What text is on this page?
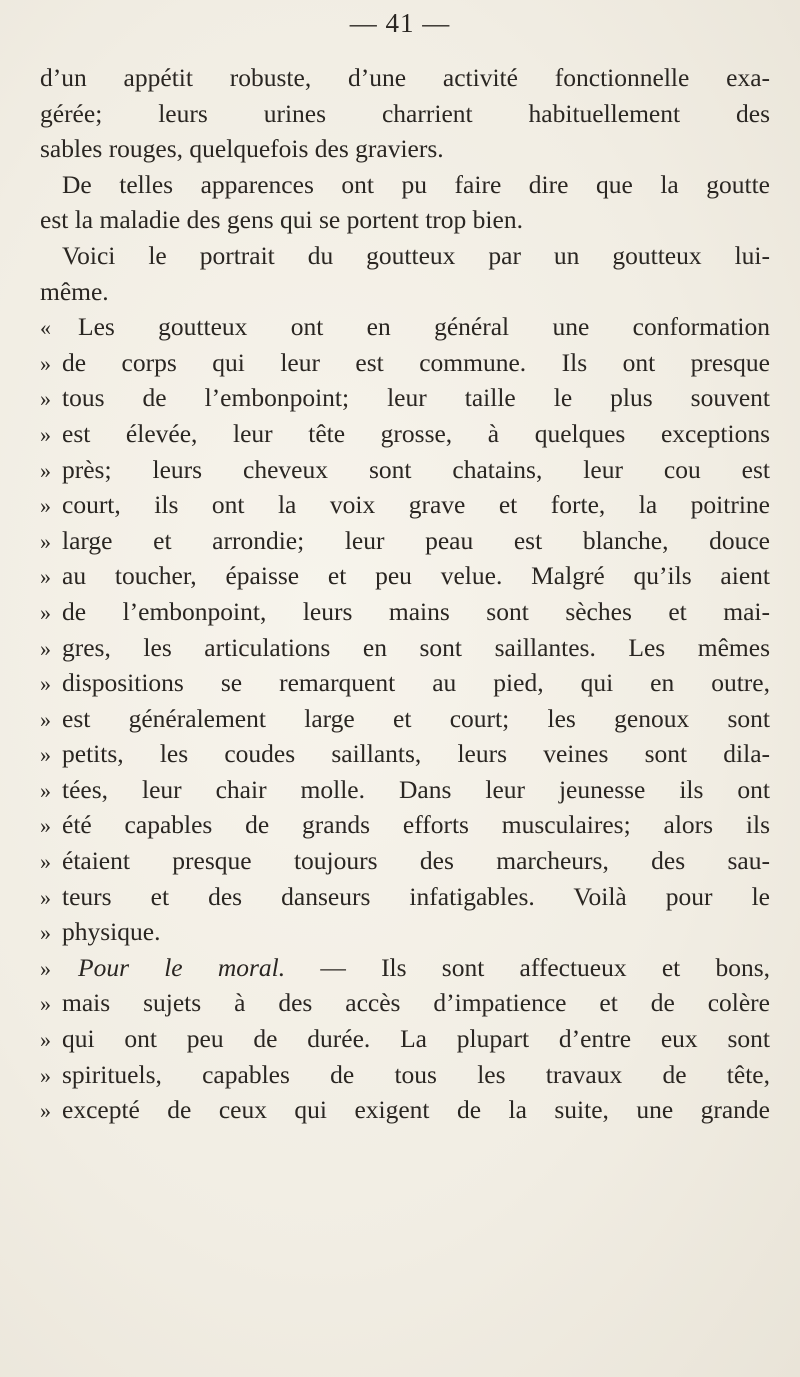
— 41 —
d’un appétit robuste, d’une activité fonctionnelle exa-
gérée; leurs urines charrient habituellement des
sables rouges, quelquefois des graviers.
De telles apparences ont pu faire dire que la goutte
est la maladie des gens qui se portent trop bien.
Voici le portrait du goutteux par un goutteux lui-
même.
«	Les goutteux ont en général une conformation
» de corps qui leur est commune. Ils ont presque
» tous de l’embonpoint; leur taille le plus souvent
» est élevée, leur tête grosse, à quelques exceptions
» près; leurs cheveux sont chatains, leur cou est
» court, ils ont la voix grave et forte, la poitrine
» large et arrondie; leur peau est blanche, douce
» au toucher, épaisse et peu velue. Malgré qu’ils aient
» de l’embonpoint, leurs mains sont sèches et mai-
» gres, les articulations en sont saillantes. Les mêmes
» dispositions se remarquent au pied, qui en outre,
» est généralement large et court; les genoux sont
» petits, les coudes saillants, leurs veines sont dila-
» tées, leur chair molle. Dans leur jeunesse ils ont
» été capables de grands efforts musculaires; alors ils
» étaient presque toujours des marcheurs, des sau-
» teurs et des danseurs infatigables. Voilà pour le
» physique.
»	Pour le moral. — Ils sont affectueux et bons,
» mais sujets à des accès d’impatience et de colère
» qui ont peu de durée. La plupart d’entre eux sont
» spirituels, capables de tous les travaux de tête,
» excepté de ceux qui exigent de la suite, une grande
